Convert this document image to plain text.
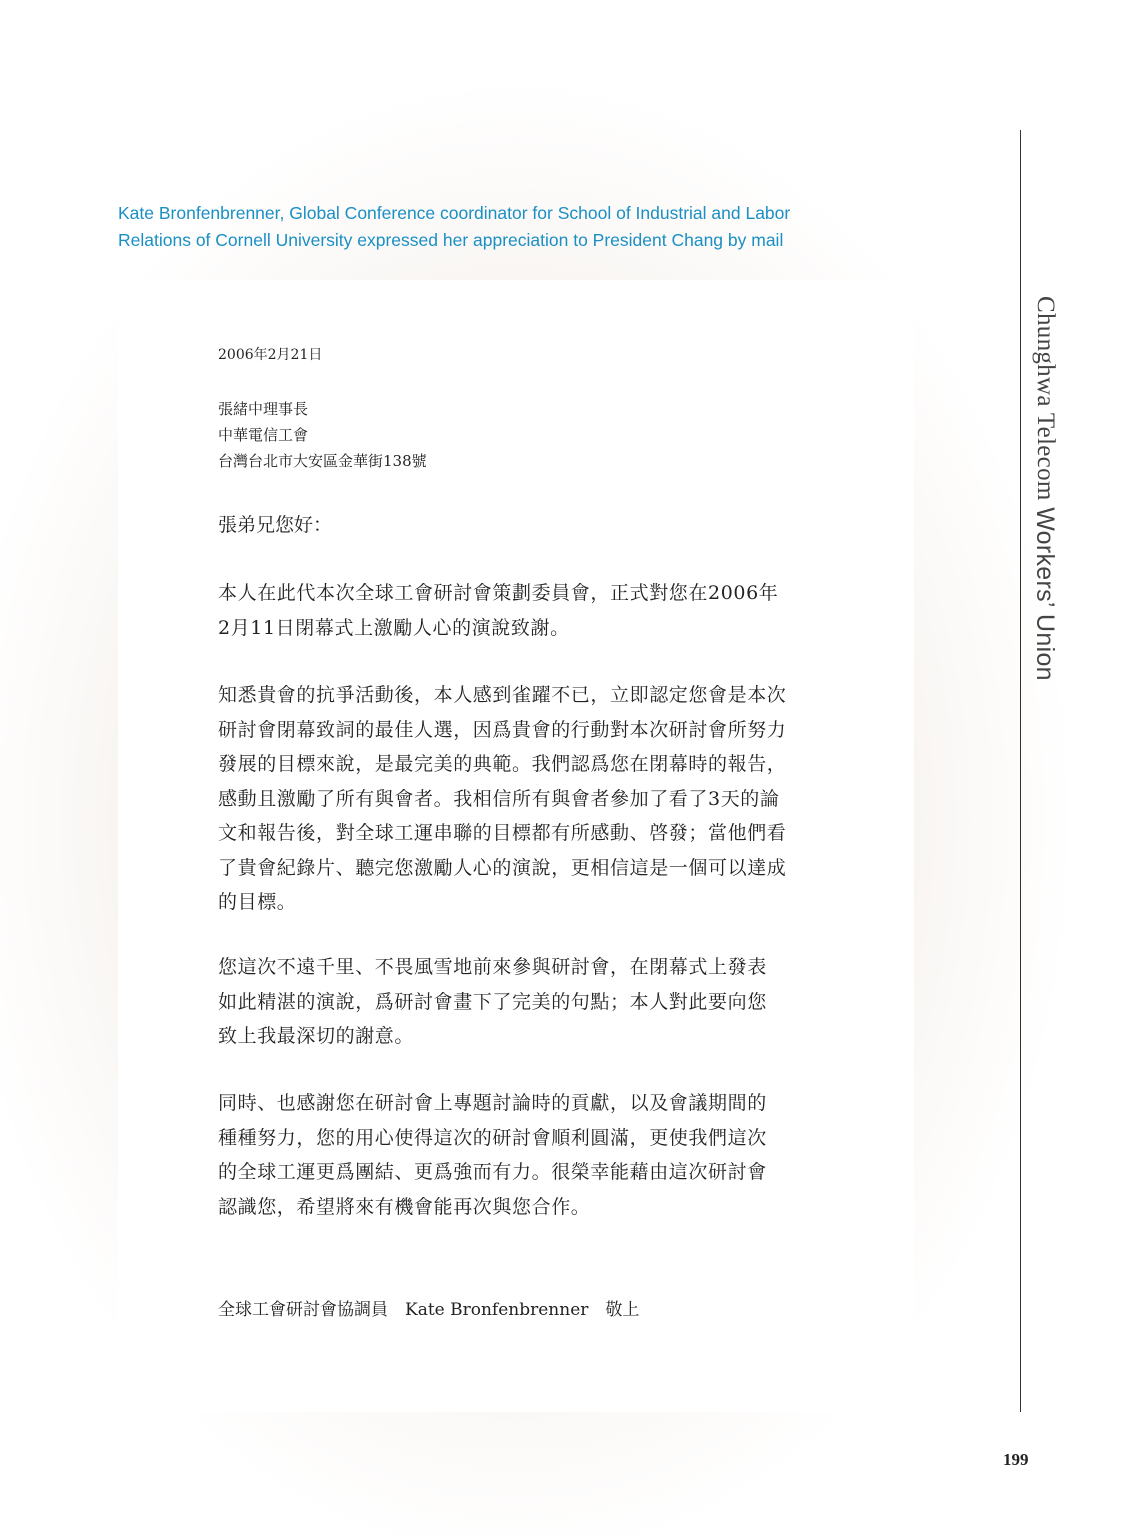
Kate Bronfenbrenner, Global Conference coordinator for School of Industrial and Labor
Relations of Cornell University expressed her appreciation to President Chang by mail

2006年2月21日
張緒中理事長
中華電信工會
台灣台北市大安區金華街138號
張弟兄您好：

本人在此代本次全球工會研討會策劃委員會，正式對您在2006年
2月11日閉幕式上激勵人心的演說致謝。

知悉貴會的抗爭活動後，本人感到雀躍不已，立即認定您會是本次
研討會閉幕致詞的最佳人選，因爲貴會的行動對本次研討會所努力
發展的目標來說，是最完美的典範。我們認爲您在閉幕時的報告，
感動且激勵了所有與會者。我相信所有與會者參加了看了3天的論
文和報告後，對全球工運串聯的目標都有所感動、啓發；當他們看
了貴會紀錄片、聽完您激勵人心的演說，更相信這是一個可以達成
的目標。

您這次不遠千里、不畏風雪地前來參與研討會，在閉幕式上發表
如此精湛的演說，爲研討會畫下了完美的句點；本人對此要向您
致上我最深切的謝意。

同時、也感謝您在研討會上專題討論時的貢獻，以及會議期間的
種種努力，您的用心使得這次的研討會順利圓滿，更使我們這次
的全球工運更爲團結、更爲強而有力。很榮幸能藉由這次研討會
認識您，希望將來有機會能再次與您合作。

全球工會研討會協調員　Kate Bronfenbrenner　敬上
Chunghwa Telecom Workers’ Union
199
